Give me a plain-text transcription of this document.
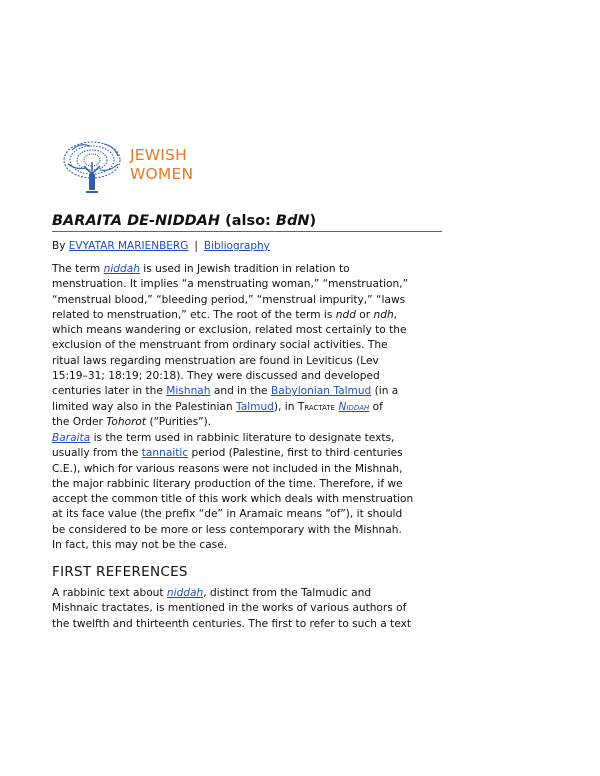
JEWISH
WOMEN
BARAITA DE-NIDDAH (also: BdN)
By EVYATAR MARIENBERG | Bibliography
The term niddah is used in Jewish tradition in relation to
menstruation. It implies “a menstruating woman,” “menstruation,”
“menstrual blood,” “bleeding period,” “menstrual impurity,” “laws
related to menstruation,” etc. The root of the term is ndd or ndh,
which means wandering or exclusion, related most certainly to the
exclusion of the menstruant from ordinary social activities. The
ritual laws regarding menstruation are found in Leviticus (Lev
15:19–31; 18:19; 20:18). They were discussed and developed
centuries later in the Mishnah and in the Babylonian Talmud (in a
limited way also in the Palestinian Talmud), in Tractate Niddah of
the Order Tohorot (“Purities”).
Baraita is the term used in rabbinic literature to designate texts,
usually from the tannaitic period (Palestine, first to third centuries
C.E.), which for various reasons were not included in the Mishnah,
the major rabbinic literary production of the time. Therefore, if we
accept the common title of this work which deals with menstruation
at its face value (the prefix “de” in Aramaic means “of”), it should
be considered to be more or less contemporary with the Mishnah.
In fact, this may not be the case.
FIRST REFERENCES
A rabbinic text about niddah, distinct from the Talmudic and
Mishnaic tractates, is mentioned in the works of various authors of
the twelfth and thirteenth centuries. The first to refer to such a text
